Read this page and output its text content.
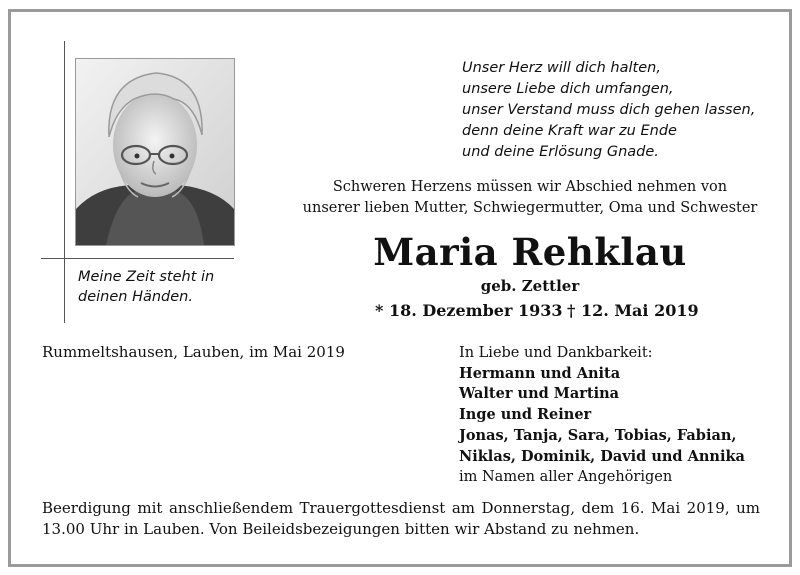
Meine Zeit steht in
deinen Händen.
Unser Herz will dich halten,
unsere Liebe dich umfangen,
unser Verstand muss dich gehen lassen,
denn deine Kraft war zu Ende
und deine Erlösung Gnade.
Schweren Herzens müssen wir Abschied nehmen von
unserer lieben Mutter, Schwiegermutter, Oma und Schwester
Maria Rehklau
geb. Zettler
* 18. Dezember 1933 † 12. Mai 2019
Rummeltshausen, Lauben, im Mai 2019	In Liebe und Dankbarkeit:
Hermann und Anita
Walter und Martina
Inge und Reiner
Jonas, Tanja, Sara, Tobias, Fabian,
Niklas, Dominik, David und Annika
im Namen aller Angehörigen
Beerdigung mit anschließendem Trauergottesdienst am Donnerstag, dem 16. Mai 2019, um 13.00 Uhr in Lauben. Von Beileidsbezeigungen bitten wir Abstand zu nehmen.
